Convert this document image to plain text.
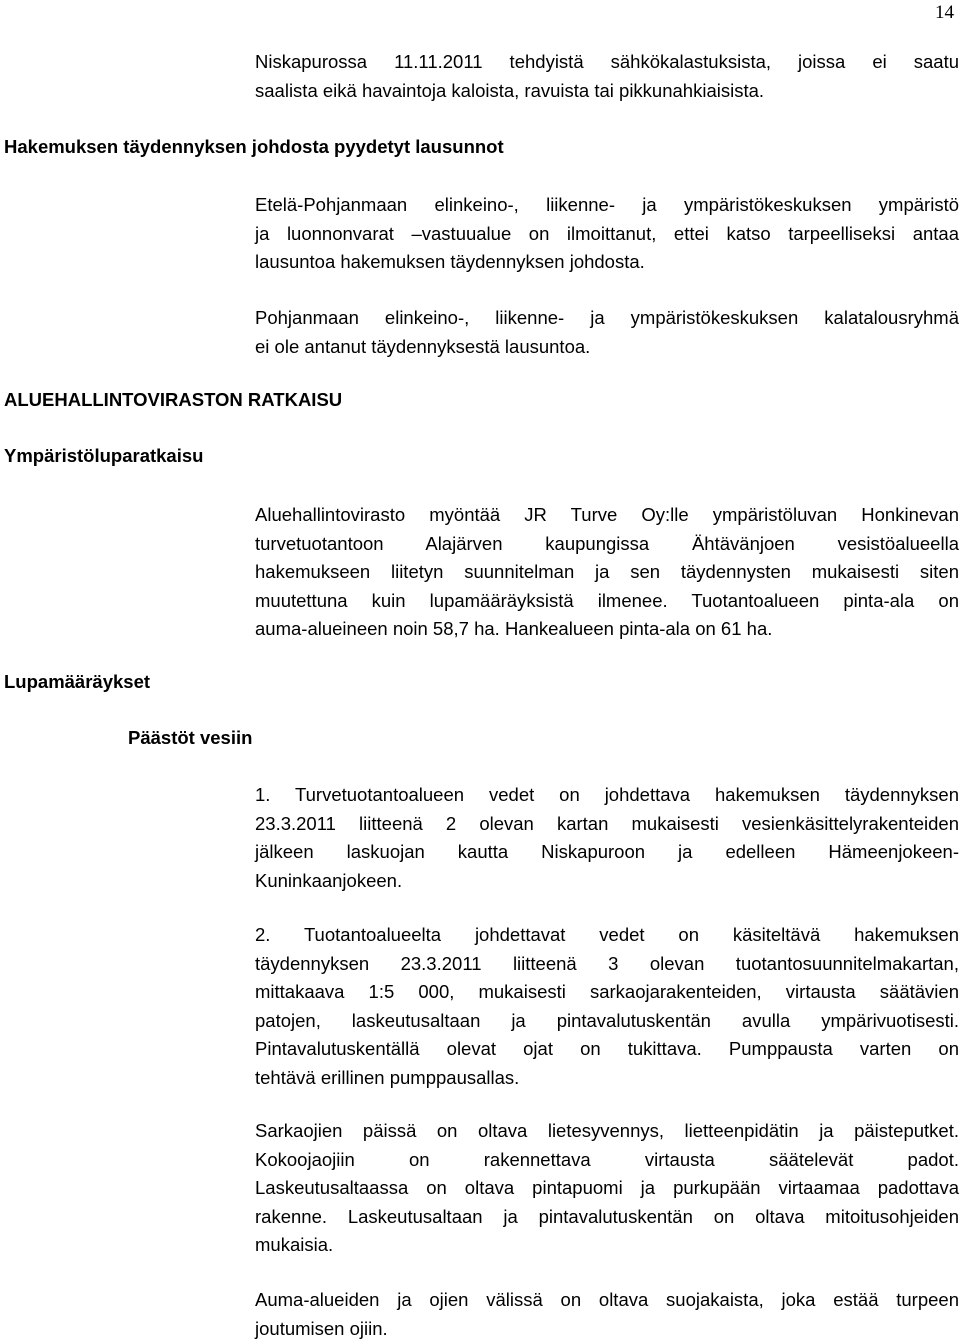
14
Niskapurossa 11.11.2011 tehdyistä sähkökalastuksista, joissa ei saatu
saalista eikä havaintoja kaloista, ravuista tai pikkunahkiaisista.
Hakemuksen täydennyksen johdosta pyydetyt lausunnot
Etelä-Pohjanmaan elinkeino-, liikenne- ja ympäristökeskuksen ympäristö
ja luonnonvarat –vastuualue on ilmoittanut, ettei katso tarpeelliseksi antaa
lausuntoa hakemuksen täydennyksen johdosta.
Pohjanmaan elinkeino-, liikenne- ja ympäristökeskuksen kalatalousryhmä
ei ole antanut täydennyksestä lausuntoa.
ALUEHALLINTOVIRASTON RATKAISU
Ympäristöluparatkaisu
Aluehallintovirasto myöntää JR Turve Oy:lle ympäristöluvan Honkinevan
turvetuotantoon Alajärven kaupungissa Ähtävänjoen vesistöalueella
hakemukseen liitetyn suunnitelman ja sen täydennysten mukaisesti siten
muutettuna kuin lupamääräyksistä ilmenee. Tuotantoalueen pinta-ala on
auma-alueineen noin 58,7 ha. Hankealueen pinta-ala on 61 ha.
Lupamääräykset
Päästöt vesiin
1. Turvetuotantoalueen vedet on johdettava hakemuksen täydennyksen
23.3.2011 liitteenä 2 olevan kartan mukaisesti vesienkäsittelyrakenteiden
jälkeen laskuojan kautta Niskapuroon ja edelleen Hämeenjokeen-
Kuninkaanjokeen.
2. Tuotantoalueelta johdettavat vedet on käsiteltävä hakemuksen
täydennyksen 23.3.2011 liitteenä 3 olevan tuotantosuunnitelmakartan,
mittakaava 1:5 000, mukaisesti sarkaojarakenteiden, virtausta säätävien
patojen, laskeutusaltaan ja pintavalutuskentän avulla ympärivuotisesti.
Pintavalutuskentällä olevat ojat on tukittava. Pumppausta varten on
tehtävä erillinen pumppausallas.
Sarkaojien päissä on oltava lietesyvennys, lietteenpidätin ja päisteputket.
Kokoojaojiin on rakennettava virtausta säätelevät padot.
Laskeutusaltaassa on oltava pintapuomi ja purkupään virtaamaa padottava
rakenne. Laskeutusaltaan ja pintavalutuskentän on oltava mitoitusohjeiden
mukaisia.
Auma-alueiden ja ojien välissä on oltava suojakaista, joka estää turpeen
joutumisen ojiin.
